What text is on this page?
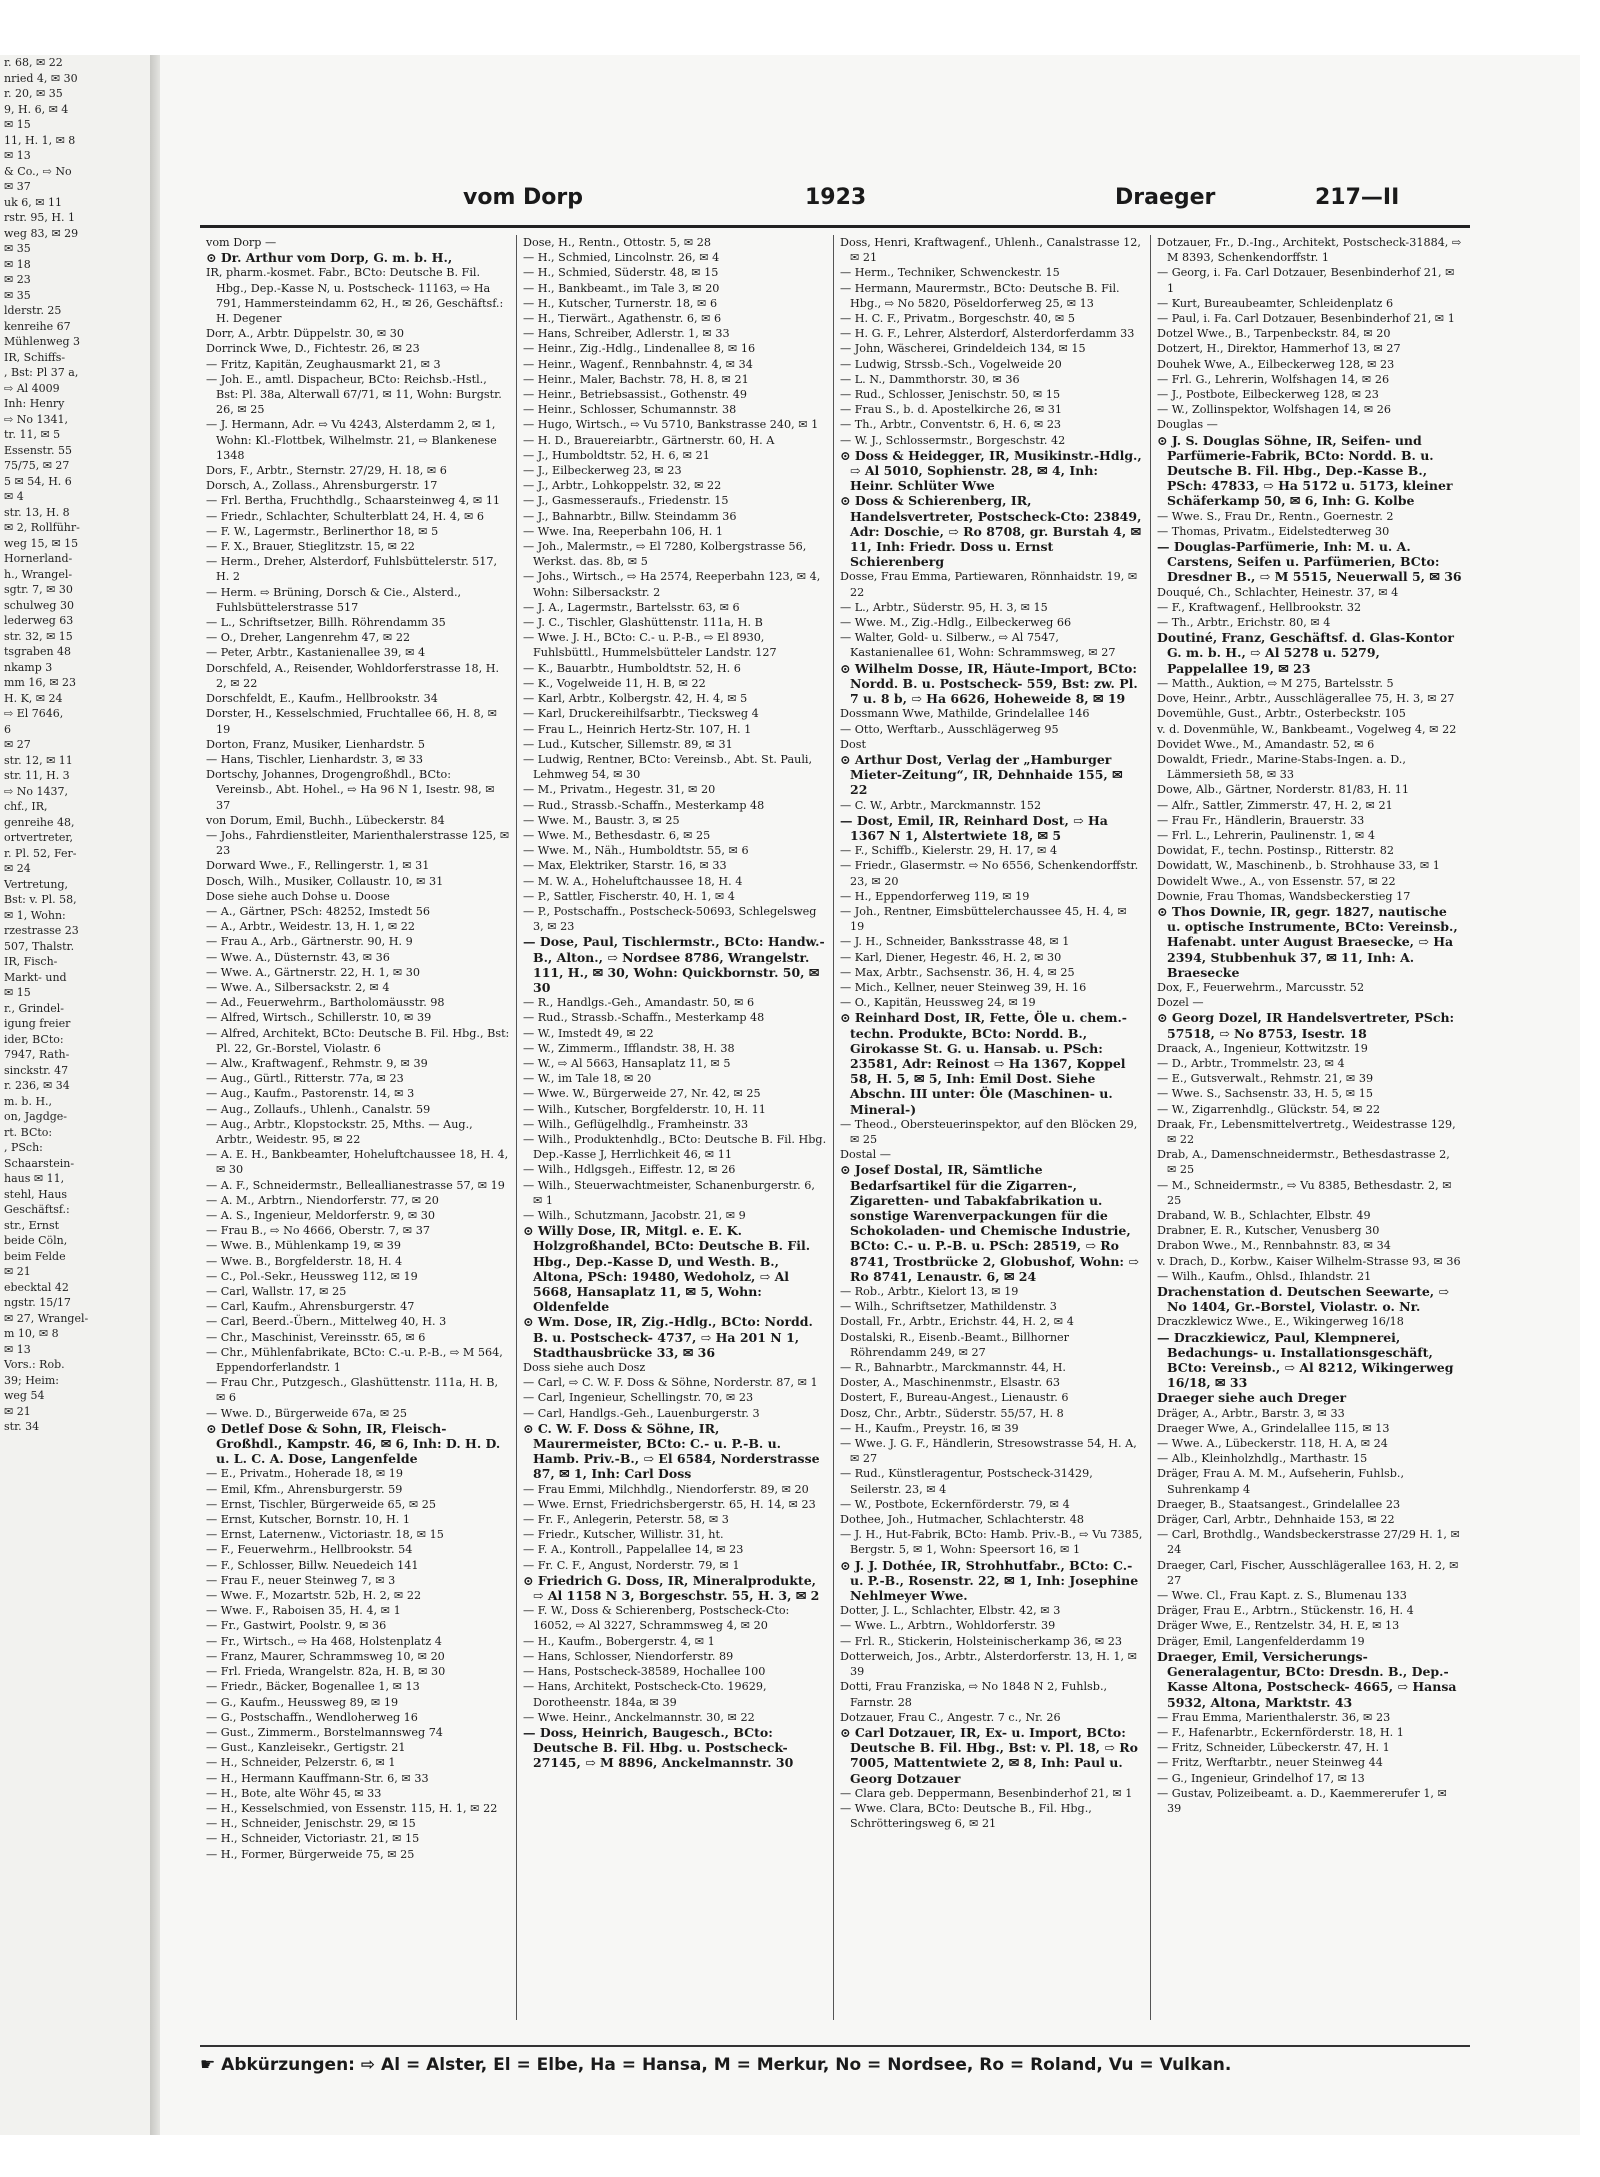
r. 68, ✉ 22
nried 4, ✉ 30
r. 20, ✉ 35
9, H. 6, ✉ 4
✉ 15
11, H. 1, ✉ 8
✉ 13
& Co., ⇨ No
✉ 37
uk 6, ✉ 11
rstr. 95, H. 1
weg 83, ✉ 29
✉ 35
✉ 18
✉ 23
✉ 35
lderstr. 25
kenreihe 67
Mühlenweg 3
IR, Schiffs-
, Bst: Pl 37 a,
⇨ Al 4009
Inh: Henry
⇨ No 1341,
tr. 11, ✉ 5
Essenstr. 55
75/75, ✉ 27
5 ✉ 54, H. 6
✉ 4
str. 13, H. 8
✉ 2, Rollführ-
weg 15, ✉ 15
Hornerland-
h., Wrangel-
sgtr. 7, ✉ 30
schulweg 30
lederweg 63
str. 32, ✉ 15
tsgraben 48
nkamp 3
mm 16, ✉ 23
H. K, ✉ 24
⇨ El 7646,
6
✉ 27
str. 12, ✉ 11
str. 11, H. 3
⇨ No 1437,
chf., IR,
genreihe 48,
ortvertreter,
r. Pl. 52, Fer-
✉ 24
Vertretung,
Bst: v. Pl. 58,
✉ 1, Wohn:
rzestrasse 23
507, Thalstr.
IR, Fisch-
Markt- und
✉ 15
r., Grindel-
igung freier
ider, BCto:
7947, Rath-
sinckstr. 47
r. 236, ✉ 34
m. b. H.,
on, Jagdge-
rt. BCto:
, PSch:
Schaarstein-
haus ✉ 11,
stehl, Haus
Geschäftsf.:
str., Ernst
beide Cöln,
beim Felde
✉ 21
ebecktal 42
ngstr. 15/17
✉ 27, Wrangel-
m 10, ✉ 8
✉ 13
Vors.: Rob.
39; Heim:
weg 54
✉ 21
str. 34
vom Dorp	1923	Draeger	217—II

vom Dorp —

⊙ Dr. Arthur vom Dorp, G. m. b. H.,

IR, pharm.-kosmet. Fabr., BCto: Deutsche B. Fil. Hbg., Dep.-Kasse N, u. Postscheck- 11163, ⇨ Ha 791, Hammersteindamm 62, H., ✉ 26, Geschäftsf.: H. Degener

Dorr, A., Arbtr. Düppelstr. 30, ✉ 30

Dorrinck Wwe, D., Fichtestr. 26, ✉ 23

— Fritz, Kapitän, Zeughausmarkt 21, ✉ 3

— Joh. E., amtl. Dispacheur, BCto: Reichsb.-Hstl., Bst: Pl. 38a, Alterwall 67/71, ✉ 11, Wohn: Burgstr. 26, ✉ 25

— J. Hermann, Adr. ⇨ Vu 4243, Alsterdamm 2, ✉ 1, Wohn: Kl.-Flottbek, Wilhelmstr. 21, ⇨ Blankenese 1348

Dors, F., Arbtr., Sternstr. 27/29, H. 18, ✉ 6

Dorsch, A., Zollass., Ahrensburgerstr. 17

— Frl. Bertha, Fruchthdlg., Schaarsteinweg 4, ✉ 11

— Friedr., Schlachter, Schulterblatt 24, H. 4, ✉ 6

— F. W., Lagermstr., Berlinerthor 18, ✉ 5

— F. X., Brauer, Stieglitzstr. 15, ✉ 22

— Herm., Dreher, Alsterdorf, Fuhlsbüttelerstr. 517, H. 2

— Herm. ⇨ Brüning, Dorsch & Cie., Alsterd., Fuhlsbüttelerstrasse 517

— L., Schriftsetzer, Billh. Röhrendamm 35

— O., Dreher, Langenrehm 47, ✉ 22

— Peter, Arbtr., Kastanienallee 39, ✉ 4

Dorschfeld, A., Reisender, Wohldorferstrasse 18, H. 2, ✉ 22

Dorschfeldt, E., Kaufm., Hellbrookstr. 34

Dorster, H., Kesselschmied, Fruchtallee 66, H. 8, ✉ 19

Dorton, Franz, Musiker, Lienhardstr. 5

— Hans, Tischler, Lienhardstr. 3, ✉ 33

Dortschy, Johannes, Drogengroßhdl., BCto: Vereinsb., Abt. Hohel., ⇨ Ha 96 N 1, Isestr. 98, ✉ 37

von Dorum, Emil, Buchh., Lübeckerstr. 84

— Johs., Fahrdienstleiter, Marienthalerstrasse 125, ✉ 23

Dorward Wwe., F., Rellingerstr. 1, ✉ 31

Dosch, Wilh., Musiker, Collaustr. 10, ✉ 31

Dose siehe auch Dohse u. Doose

— A., Gärtner, PSch: 48252, Imstedt 56

— A., Arbtr., Weidestr. 13, H. 1, ✉ 22

— Frau A., Arb., Gärtnerstr. 90, H. 9

— Wwe. A., Düsternstr. 43, ✉ 36

— Wwe. A., Gärtnerstr. 22, H. 1, ✉ 30

— Wwe. A., Silbersackstr. 2, ✉ 4

— Ad., Feuerwehrm., Bartholomäusstr. 98

— Alfred, Wirtsch., Schillerstr. 10, ✉ 39

— Alfred, Architekt, BCto: Deutsche B. Fil. Hbg., Bst: Pl. 22, Gr.-Borstel, Violastr. 6

— Alw., Kraftwagenf., Rehmstr. 9, ✉ 39

— Aug., Gürtl., Ritterstr. 77a, ✉ 23

— Aug., Kaufm., Pastorenstr. 14, ✉ 3

— Aug., Zollaufs., Uhlenh., Canalstr. 59

— Aug., Arbtr., Klopstockstr. 25, Mths. — Aug., Arbtr., Weidestr. 95, ✉ 22

— A. E. H., Bankbeamter, Hoheluftchaussee 18, H. 4, ✉ 30

— A. F., Schneidermstr., Belleallianestrasse 57, ✉ 19

— A. M., Arbtrn., Niendorferstr. 77, ✉ 20

— A. S., Ingenieur, Meldorferstr. 9, ✉ 30

— Frau B., ⇨ No 4666, Oberstr. 7, ✉ 37

— Wwe. B., Mühlenkamp 19, ✉ 39

— Wwe. B., Borgfelderstr. 18, H. 4

— C., Pol.-Sekr., Heussweg 112, ✉ 19

— Carl, Wallstr. 17, ✉ 25

— Carl, Kaufm., Ahrensburgerstr. 47

— Carl, Beerd.-Übern., Mittelweg 40, H. 3

— Chr., Maschinist, Vereinsstr. 65, ✉ 6

— Chr., Mühlenfabrikate, BCto: C.-u. P.-B., ⇨ M 564, Eppendorferlandstr. 1

— Frau Chr., Putzgesch., Glashüttenstr. 111a, H. B, ✉ 6

— Wwe. D., Bürgerweide 67a, ✉ 25

⊙ Detlef Dose & Sohn, IR, Fleisch-Großhdl., Kampstr. 46, ✉ 6, Inh: D. H. D. u. L. C. A. Dose, Langenfelde

— E., Privatm., Hoherade 18, ✉ 19

— Emil, Kfm., Ahrensburgerstr. 59

— Ernst, Tischler, Bürgerweide 65, ✉ 25

— Ernst, Kutscher, Bornstr. 10, H. 1

— Ernst, Laternenw., Victoriastr. 18, ✉ 15

— F., Feuerwehrm., Hellbrookstr. 54

— F., Schlosser, Billw. Neuedeich 141

— Frau F., neuer Steinweg 7, ✉ 3

— Wwe. F., Mozartstr. 52b, H. 2, ✉ 22

— Wwe. F., Raboisen 35, H. 4, ✉ 1

— Fr., Gastwirt, Poolstr. 9, ✉ 36

— Fr., Wirtsch., ⇨ Ha 468, Holstenplatz 4

— Franz, Maurer, Schrammsweg 10, ✉ 20

— Frl. Frieda, Wrangelstr. 82a, H. B, ✉ 30

— Friedr., Bäcker, Bogenallee 1, ✉ 13

— G., Kaufm., Heussweg 89, ✉ 19

— G., Postschaffn., Wendloherweg 16

— Gust., Zimmerm., Borstelmannsweg 74

— Gust., Kanzleisekr., Gertigstr. 21

— H., Schneider, Pelzerstr. 6, ✉ 1

— H., Hermann Kauffmann-Str. 6, ✉ 33

— H., Bote, alte Wöhr 45, ✉ 33

— H., Kesselschmied, von Essenstr. 115, H. 1, ✉ 22

— H., Schneider, Jenischstr. 29, ✉ 15

— H., Schneider, Victoriastr. 21, ✉ 15

— H., Former, Bürgerweide 75, ✉ 25

Dose, H., Rentn., Ottostr. 5, ✉ 28

— H., Schmied, Lincolnstr. 26, ✉ 4

— H., Schmied, Süderstr. 48, ✉ 15

— H., Bankbeamt., im Tale 3, ✉ 20

— H., Kutscher, Turnerstr. 18, ✉ 6

— H., Tierwärt., Agathenstr. 6, ✉ 6

— Hans, Schreiber, Adlerstr. 1, ✉ 33

— Heinr., Zig.-Hdlg., Lindenallee 8, ✉ 16

— Heinr., Wagenf., Rennbahnstr. 4, ✉ 34

— Heinr., Maler, Bachstr. 78, H. 8, ✉ 21

— Heinr., Betriebsassist., Gothenstr. 49

— Heinr., Schlosser, Schumannstr. 38

— Hugo, Wirtsch., ⇨ Vu 5710, Bankstrasse 240, ✉ 1

— H. D., Brauereiarbtr., Gärtnerstr. 60, H. A

— J., Humboldtstr. 52, H. 6, ✉ 21

— J., Eilbeckerweg 23, ✉ 23

— J., Arbtr., Lohkoppelstr. 32, ✉ 22

— J., Gasmesseraufs., Friedenstr. 15

— J., Bahnarbtr., Billw. Steindamm 36

— Wwe. Ina, Reeperbahn 106, H. 1

— Joh., Malermstr., ⇨ El 7280, Kolbergstrasse 56, Werkst. das. 8b, ✉ 5

— Johs., Wirtsch., ⇨ Ha 2574, Reeperbahn 123, ✉ 4, Wohn: Silbersackstr. 2

— J. A., Lagermstr., Bartelsstr. 63, ✉ 6

— J. C., Tischler, Glashüttenstr. 111a, H. B

— Wwe. J. H., BCto: C.- u. P.-B., ⇨ El 8930, Fuhlsbüttl., Hummelsbütteler Landstr. 127

— K., Bauarbtr., Humboldtstr. 52, H. 6

— K., Vogelweide 11, H. B, ✉ 22

— Karl, Arbtr., Kolbergstr. 42, H. 4, ✉ 5

— Karl, Druckereihilfsarbtr., Tiecksweg 4

— Frau L., Heinrich Hertz-Str. 107, H. 1

— Lud., Kutscher, Sillemstr. 89, ✉ 31

— Ludwig, Rentner, BCto: Vereinsb., Abt. St. Pauli, Lehmweg 54, ✉ 30

— M., Privatm., Hegestr. 31, ✉ 20

— Rud., Strassb.-Schaffn., Mesterkamp 48

— Wwe. M., Baustr. 3, ✉ 25

— Wwe. M., Bethesdastr. 6, ✉ 25

— Wwe. M., Näh., Humboldtstr. 55, ✉ 6

— Max, Elektriker, Starstr. 16, ✉ 33

— M. W. A., Hoheluftchaussee 18, H. 4

— P., Sattler, Fischerstr. 40, H. 1, ✉ 4

— P., Postschaffn., Postscheck-50693, Schlegelsweg 3, ✉ 23

— Dose, Paul, Tischlermstr., BCto: Handw.-B., Alton., ⇨ Nordsee 8786, Wrangelstr. 111, H., ✉ 30, Wohn: Quickbornstr. 50, ✉ 30

— R., Handlgs.-Geh., Amandastr. 50, ✉ 6

— Rud., Strassb.-Schaffn., Mesterkamp 48

— W., Imstedt 49, ✉ 22

— W., Zimmerm., Ifflandstr. 38, H. 38

— W., ⇨ Al 5663, Hansaplatz 11, ✉ 5

— W., im Tale 18, ✉ 20

— Wwe. W., Bürgerweide 27, Nr. 42, ✉ 25

— Wilh., Kutscher, Borgfelderstr. 10, H. 11

— Wilh., Geflügelhdlg., Framheinstr. 33

— Wilh., Produktenhdlg., BCto: Deutsche B. Fil. Hbg. Dep.-Kasse J, Herrlichkeit 46, ✉ 11

— Wilh., Hdlgsgeh., Eiffestr. 12, ✉ 26

— Wilh., Steuerwachtmeister, Schanenburgerstr. 6, ✉ 1

— Wilh., Schutzmann, Jacobstr. 21, ✉ 9

⊙ Willy Dose, IR, Mitgl. e. E. K. Holzgroßhandel, BCto: Deutsche B. Fil. Hbg., Dep.-Kasse D, und Westh. B., Altona, PSch: 19480, Wedoholz, ⇨ Al 5668, Hansaplatz 11, ✉ 5, Wohn: Oldenfelde

⊙ Wm. Dose, IR, Zig.-Hdlg., BCto: Nordd. B. u. Postscheck- 4737, ⇨ Ha 201 N 1, Stadthausbrücke 33, ✉ 36

Doss siehe auch Dosz

— Carl, ⇨ C. W. F. Doss & Söhne, Norderstr. 87, ✉ 1

— Carl, Ingenieur, Schellingstr. 70, ✉ 23

— Carl, Handlgs.-Geh., Lauenburgerstr. 3

⊙ C. W. F. Doss & Söhne, IR, Maurermeister, BCto: C.- u. P.-B. u. Hamb. Priv.-B., ⇨ El 6584, Norderstrasse 87, ✉ 1, Inh: Carl Doss

— Frau Emmi, Milchhdlg., Niendorferstr. 89, ✉ 20

— Wwe. Ernst, Friedrichsbergerstr. 65, H. 14, ✉ 23

— Fr. F., Anlegerin, Peterstr. 58, ✉ 3

— Friedr., Kutscher, Willistr. 31, ht.

— F. A., Kontroll., Pappelallee 14, ✉ 23

— Fr. C. F., Angust, Norderstr. 79, ✉ 1

⊙ Friedrich G. Doss, IR, Mineralprodukte, ⇨ Al 1158 N 3, Borgeschstr. 55, H. 3, ✉ 2

— F. W., Doss & Schierenberg, Postscheck-Cto: 16052, ⇨ Al 3227, Schrammsweg 4, ✉ 20

— H., Kaufm., Bobergerstr. 4, ✉ 1

— Hans, Schlosser, Niendorferstr. 89

— Hans, Postscheck-38589, Hochallee 100

— Hans, Architekt, Postscheck-Cto. 19629, Dorotheenstr. 184a, ✉ 39

— Wwe. Heinr., Anckelmannstr. 30, ✉ 22

— Doss, Heinrich, Baugesch., BCto: Deutsche B. Fil. Hbg. u. Postscheck-27145, ⇨ M 8896, Anckelmannstr. 30

Doss, Henri, Kraftwagenf., Uhlenh., Canalstrasse 12, ✉ 21

— Herm., Techniker, Schwenckestr. 15

— Hermann, Maurermstr., BCto: Deutsche B. Fil. Hbg., ⇨ No 5820, Pöseldorferweg 25, ✉ 13

— H. C. F., Privatm., Borgeschstr. 40, ✉ 5

— H. G. F., Lehrer, Alsterdorf, Alsterdorferdamm 33

— John, Wäscherei, Grindeldeich 134, ✉ 15

— Ludwig, Strssb.-Sch., Vogelweide 20

— L. N., Dammthorstr. 30, ✉ 36

— Rud., Schlosser, Jenischstr. 50, ✉ 15

— Frau S., b. d. Apostelkirche 26, ✉ 31

— Th., Arbtr., Conventstr. 6, H. 6, ✉ 23

— W. J., Schlossermstr., Borgeschstr. 42

⊙ Doss & Heidegger, IR, Musikinstr.-Hdlg., ⇨ Al 5010, Sophienstr. 28, ✉ 4, Inh: Heinr. Schlüter Wwe

⊙ Doss & Schierenberg, IR, Handelsvertreter, Postscheck-Cto: 23849, Adr: Doschie, ⇨ Ro 8708, gr. Burstah 4, ✉ 11, Inh: Friedr. Doss u. Ernst Schierenberg

Dosse, Frau Emma, Partiewaren, Rönnhaidstr. 19, ✉ 22

— L., Arbtr., Süderstr. 95, H. 3, ✉ 15

— Wwe. M., Zig.-Hdlg., Eilbeckerweg 66

— Walter, Gold- u. Silberw., ⇨ Al 7547, Kastanienallee 61, Wohn: Schrammsweg, ✉ 27

⊙ Wilhelm Dosse, IR, Häute-Import, BCto: Nordd. B. u. Postscheck- 559, Bst: zw. Pl. 7 u. 8 b, ⇨ Ha 6626, Hoheweide 8, ✉ 19

Dossmann Wwe, Mathilde, Grindelallee 146

— Otto, Werftarb., Ausschlägerweg 95

Dost

⊙ Arthur Dost, Verlag der „Hamburger Mieter-Zeitung“, IR, Dehnhaide 155, ✉ 22

— C. W., Arbtr., Marckmannstr. 152

— Dost, Emil, IR, Reinhard Dost, ⇨ Ha 1367 N 1, Alstertwiete 18, ✉ 5

— F., Schiffb., Kielerstr. 29, H. 17, ✉ 4

— Friedr., Glasermstr. ⇨ No 6556, Schenkendorffstr. 23, ✉ 20

— H., Eppendorferweg 119, ✉ 19

— Joh., Rentner, Eimsbüttelerchaussee 45, H. 4, ✉ 19

— J. H., Schneider, Banksstrasse 48, ✉ 1

— Karl, Diener, Hegestr. 46, H. 2, ✉ 30

— Max, Arbtr., Sachsenstr. 36, H. 4, ✉ 25

— Mich., Kellner, neuer Steinweg 39, H. 16

— O., Kapitän, Heussweg 24, ✉ 19

⊙ Reinhard Dost, IR, Fette, Öle u. chem.-techn. Produkte, BCto: Nordd. B., Girokasse St. G. u. Hansab. u. PSch: 23581, Adr: Reinost ⇨ Ha 1367, Koppel 58, H. 5, ✉ 5, Inh: Emil Dost. Siehe Abschn. III unter: Öle (Maschinen- u. Mineral-)

— Theod., Obersteuerinspektor, auf den Blöcken 29, ✉ 25

Dostal —

⊙ Josef Dostal, IR, Sämtliche Bedarfsartikel für die Zigarren-, Zigaretten- und Tabakfabrikation u. sonstige Warenverpackungen für die Schokoladen- und Chemische Industrie, BCto: C.- u. P.-B. u. PSch: 28519, ⇨ Ro 8741, Trostbrücke 2, Globushof, Wohn: ⇨ Ro 8741, Lenaustr. 6, ✉ 24

— Rob., Arbtr., Kielort 13, ✉ 19

— Wilh., Schriftsetzer, Mathildenstr. 3

Dostall, Fr., Arbtr., Erichstr. 44, H. 2, ✉ 4

Dostalski, R., Eisenb.-Beamt., Billhorner Röhrendamm 249, ✉ 27

— R., Bahnarbtr., Marckmannstr. 44, H.

Doster, A., Maschinenmstr., Elsastr. 63

Dostert, F., Bureau-Angest., Lienaustr. 6

Dosz, Chr., Arbtr., Süderstr. 55/57, H. 8

— H., Kaufm., Preystr. 16, ✉ 39

— Wwe. J. G. F., Händlerin, Stresowstrasse 54, H. A, ✉ 27

— Rud., Künstleragentur, Postscheck-31429, Seilerstr. 23, ✉ 4

— W., Postbote, Eckernförderstr. 79, ✉ 4

Dothee, Joh., Hutmacher, Schlachterstr. 48

— J. H., Hut-Fabrik, BCto: Hamb. Priv.-B., ⇨ Vu 7385, Bergstr. 5, ✉ 1, Wohn: Speersort 16, ✉ 1

⊙ J. J. Dothée, IR, Strohhutfabr., BCto: C.- u. P.-B., Rosenstr. 22, ✉ 1, Inh: Josephine Nehlmeyer Wwe.

Dotter, J. L., Schlachter, Elbstr. 42, ✉ 3

— Wwe. L., Arbtrn., Wohldorferstr. 39

— Frl. R., Stickerin, Holsteinischerkamp 36, ✉ 23

Dotterweich, Jos., Arbtr., Alsterdorferstr. 13, H. 1, ✉ 39

Dotti, Frau Franziska, ⇨ No 1848 N 2, Fuhlsb., Farnstr. 28

Dotzauer, Frau C., Angestr. 7 c., Nr. 26

⊙ Carl Dotzauer, IR, Ex- u. Import, BCto: Deutsche B. Fil. Hbg., Bst: v. Pl. 18, ⇨ Ro 7005, Mattentwiete 2, ✉ 8, Inh: Paul u. Georg Dotzauer

— Clara geb. Deppermann, Besenbinderhof 21, ✉ 1

— Wwe. Clara, BCto: Deutsche B., Fil. Hbg., Schrötteringsweg 6, ✉ 21

Dotzauer, Fr., D.-Ing., Architekt, Postscheck-31884, ⇨ M 8393, Schenkendorffstr. 1

— Georg, i. Fa. Carl Dotzauer, Besenbinderhof 21, ✉ 1

— Kurt, Bureaubeamter, Schleidenplatz 6

— Paul, i. Fa. Carl Dotzauer, Besenbinderhof 21, ✉ 1

Dotzel Wwe., B., Tarpenbeckstr. 84, ✉ 20

Dotzert, H., Direktor, Hammerhof 13, ✉ 27

Douhek Wwe, A., Eilbeckerweg 128, ✉ 23

— Frl. G., Lehrerin, Wolfshagen 14, ✉ 26

— J., Postbote, Eilbeckerweg 128, ✉ 23

— W., Zollinspektor, Wolfshagen 14, ✉ 26

Douglas —

⊙ J. S. Douglas Söhne, IR, Seifen- und Parfümerie-Fabrik, BCto: Nordd. B. u. Deutsche B. Fil. Hbg., Dep.-Kasse B., PSch: 47833, ⇨ Ha 5172 u. 5173, kleiner Schäferkamp 50, ✉ 6, Inh: G. Kolbe

— Wwe. S., Frau Dr., Rentn., Goernestr. 2

— Thomas, Privatm., Eidelstedterweg 30

— Douglas-Parfümerie, Inh: M. u. A. Carstens, Seifen u. Parfümerien, BCto: Dresdner B., ⇨ M 5515, Neuerwall 5, ✉ 36

Douqué, Ch., Schlachter, Heinestr. 37, ✉ 4

— F., Kraftwagenf., Hellbrookstr. 32

— Th., Arbtr., Erichstr. 80, ✉ 4

Doutiné, Franz, Geschäftsf. d. Glas-Kontor G. m. b. H., ⇨ Al 5278 u. 5279, Pappelallee 19, ✉ 23

— Matth., Auktion, ⇨ M 275, Bartelsstr. 5

Dove, Heinr., Arbtr., Ausschlägerallee 75, H. 3, ✉ 27

Dovemühle, Gust., Arbtr., Osterbeckstr. 105

v. d. Dovenmühle, W., Bankbeamt., Vogelweg 4, ✉ 22

Dovidet Wwe., M., Amandastr. 52, ✉ 6

Dowaldt, Friedr., Marine-Stabs-Ingen. a. D., Lämmersieth 58, ✉ 33

Dowe, Alb., Gärtner, Norderstr. 81/83, H. 11

— Alfr., Sattler, Zimmerstr. 47, H. 2, ✉ 21

— Frau Fr., Händlerin, Brauerstr. 33

— Frl. L., Lehrerin, Paulinenstr. 1, ✉ 4

Dowidat, F., techn. Postinsp., Ritterstr. 82

Dowidatt, W., Maschinenb., b. Strohhause 33, ✉ 1

Dowidelt Wwe., A., von Essenstr. 57, ✉ 22

Downie, Frau Thomas, Wandsbeckerstieg 17

⊙ Thos Downie, IR, gegr. 1827, nautische u. optische Instrumente, BCto: Vereinsb., Hafenabt. unter August Braesecke, ⇨ Ha 2394, Stubbenhuk 37, ✉ 11, Inh: A. Braesecke

Dox, F., Feuerwehrm., Marcusstr. 52

Dozel —

⊙ Georg Dozel, IR Handelsvertreter, PSch: 57518, ⇨ No 8753, Isestr. 18

Draack, A., Ingenieur, Kottwitzstr. 19

— D., Arbtr., Trommelstr. 23, ✉ 4

— E., Gutsverwalt., Rehmstr. 21, ✉ 39

— Wwe. S., Sachsenstr. 33, H. 5, ✉ 15

— W., Zigarrenhdlg., Glückstr. 54, ✉ 22

Draak, Fr., Lebensmittelvertretg., Weidestrasse 129, ✉ 22

Drab, A., Damenschneidermstr., Bethesdastrasse 2, ✉ 25

— M., Schneidermstr., ⇨ Vu 8385, Bethesdastr. 2, ✉ 25

Draband, W. B., Schlachter, Elbstr. 49

Drabner, E. R., Kutscher, Venusberg 30

Drabon Wwe., M., Rennbahnstr. 83, ✉ 34

v. Drach, D., Korbw., Kaiser Wilhelm-Strasse 93, ✉ 36

— Wilh., Kaufm., Ohlsd., Ihlandstr. 21

Drachenstation d. Deutschen Seewarte, ⇨ No 1404, Gr.-Borstel, Violastr. o. Nr.

Draczklewicz Wwe., E., Wikingerweg 16/18

— Draczkiewicz, Paul, Klempnerei, Bedachungs- u. Installationsgeschäft, BCto: Vereinsb., ⇨ Al 8212, Wikingerweg 16/18, ✉ 33

Draeger siehe auch Dreger

Dräger, A., Arbtr., Barstr. 3, ✉ 33

Draeger Wwe, A., Grindelallee 115, ✉ 13

— Wwe. A., Lübeckerstr. 118, H. A, ✉ 24

— Alb., Kleinholzhdlg., Marthastr. 15

Dräger, Frau A. M. M., Aufseherin, Fuhlsb., Suhrenkamp 4

Draeger, B., Staatsangest., Grindelallee 23

Dräger, Carl, Arbtr., Dehnhaide 153, ✉ 22

— Carl, Brothdlg., Wandsbeckerstrasse 27/29 H. 1, ✉ 24

Draeger, Carl, Fischer, Ausschlägerallee 163, H. 2, ✉ 27

— Wwe. Cl., Frau Kapt. z. S., Blumenau 133

Dräger, Frau E., Arbtrn., Stückenstr. 16, H. 4

Dräger Wwe, E., Rentzelstr. 34, H. E, ✉ 13

Dräger, Emil, Langenfelderdamm 19

Draeger, Emil, Versicherungs-Generalagentur, BCto: Dresdn. B., Dep.-Kasse Altona, Postscheck- 4665, ⇨ Hansa 5932, Altona, Marktstr. 43

— Frau Emma, Marienthalerstr. 36, ✉ 23

— F., Hafenarbtr., Eckernförderstr. 18, H. 1

— Fritz, Schneider, Lübeckerstr. 47, H. 1

— Fritz, Werftarbtr., neuer Steinweg 44

— G., Ingenieur, Grindelhof 17, ✉ 13

— Gustav, Polizeibeamt. a. D., Kaemmererufer 1, ✉ 39

☛ Abkürzungen: ⇨ Al = Alster, El = Elbe, Ha = Hansa, M = Merkur, No = Nordsee, Ro = Roland, Vu = Vulkan.
